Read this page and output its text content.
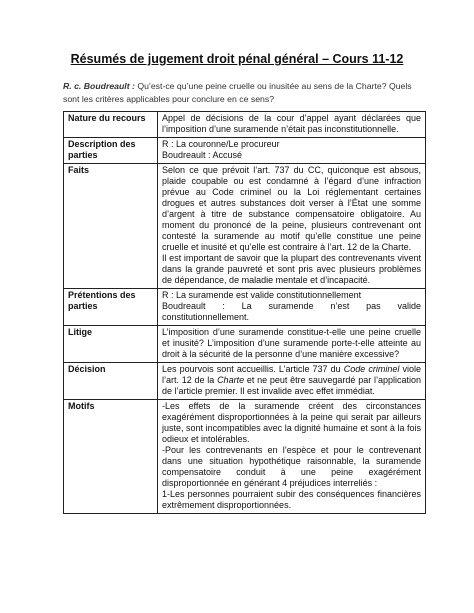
Résumés de jugement droit pénal général – Cours 11-12
R. c. Boudreault : Qu’est-ce qu’une peine cruelle ou inusitée au sens de la Charte? Quels sont les critères applicables pour conclure en ce sens?
Nature du recours	Appel de décisions de la cour d’appel ayant déclarées que l’imposition d’une suramende n’était pas inconstitutionnelle.
Description des parties	R : La couronne/Le procureur
Boudreault : Accusé

Faits	Selon ce que prévoit l’art. 737 du CC, quiconque est absous, plaide coupable ou est condamné à l’égard d’une infraction prévue au Code criminel ou la Loi réglementant certaines drogues et autres substances doit verser à l’État une somme d’argent à titre de substance compensatoire obligatoire. Au moment du prononcé de la peine, plusieurs contrevenant ont contesté la suramende au motif qu’elle constitue une peine cruelle et inusité et qu’elle est contraire à l’art. 12 de la Charte.
Il est important de savoir que la plupart des contrevenants vivent dans la grande pauvreté et sont pris avec plusieurs problèmes de dépendance, de maladie mentale et d’incapacité.

Prétentions des parties	R : La suramende est valide constitutionnellement
Boudreault : La suramende n’est pas valide constitutionnellement.

Litige	L’imposition d’une suramende constitue-t-elle une peine cruelle et inusité? L’imposition d’une suramende porte-t-elle atteinte au droit à la sécurité de la personne d’une manière excessive?
Décision	Les pourvois sont accueillis. L’article 737 du Code criminel viole l’art. 12 de la Charte et ne peut être sauvegardé par l’application de l’article premier. Il est invalide avec effet immédiat.
Motifs	-Les effets de la suramende créent des circonstances exagérément disproportionnées à la peine qui serait par ailleurs juste, sont incompatibles avec la dignité humaine et sont à la fois odieux et intolérables.
-Pour les contrevenants en l’espèce et pour le contrevenant dans une situation hypothétique raisonnable, la suramende compensatoire conduit à une peine exagérément disproportionnée en générant 4 préjudices interreliés :
1-Les personnes pourraient subir des conséquences financières extrêmement disproportionnées.
